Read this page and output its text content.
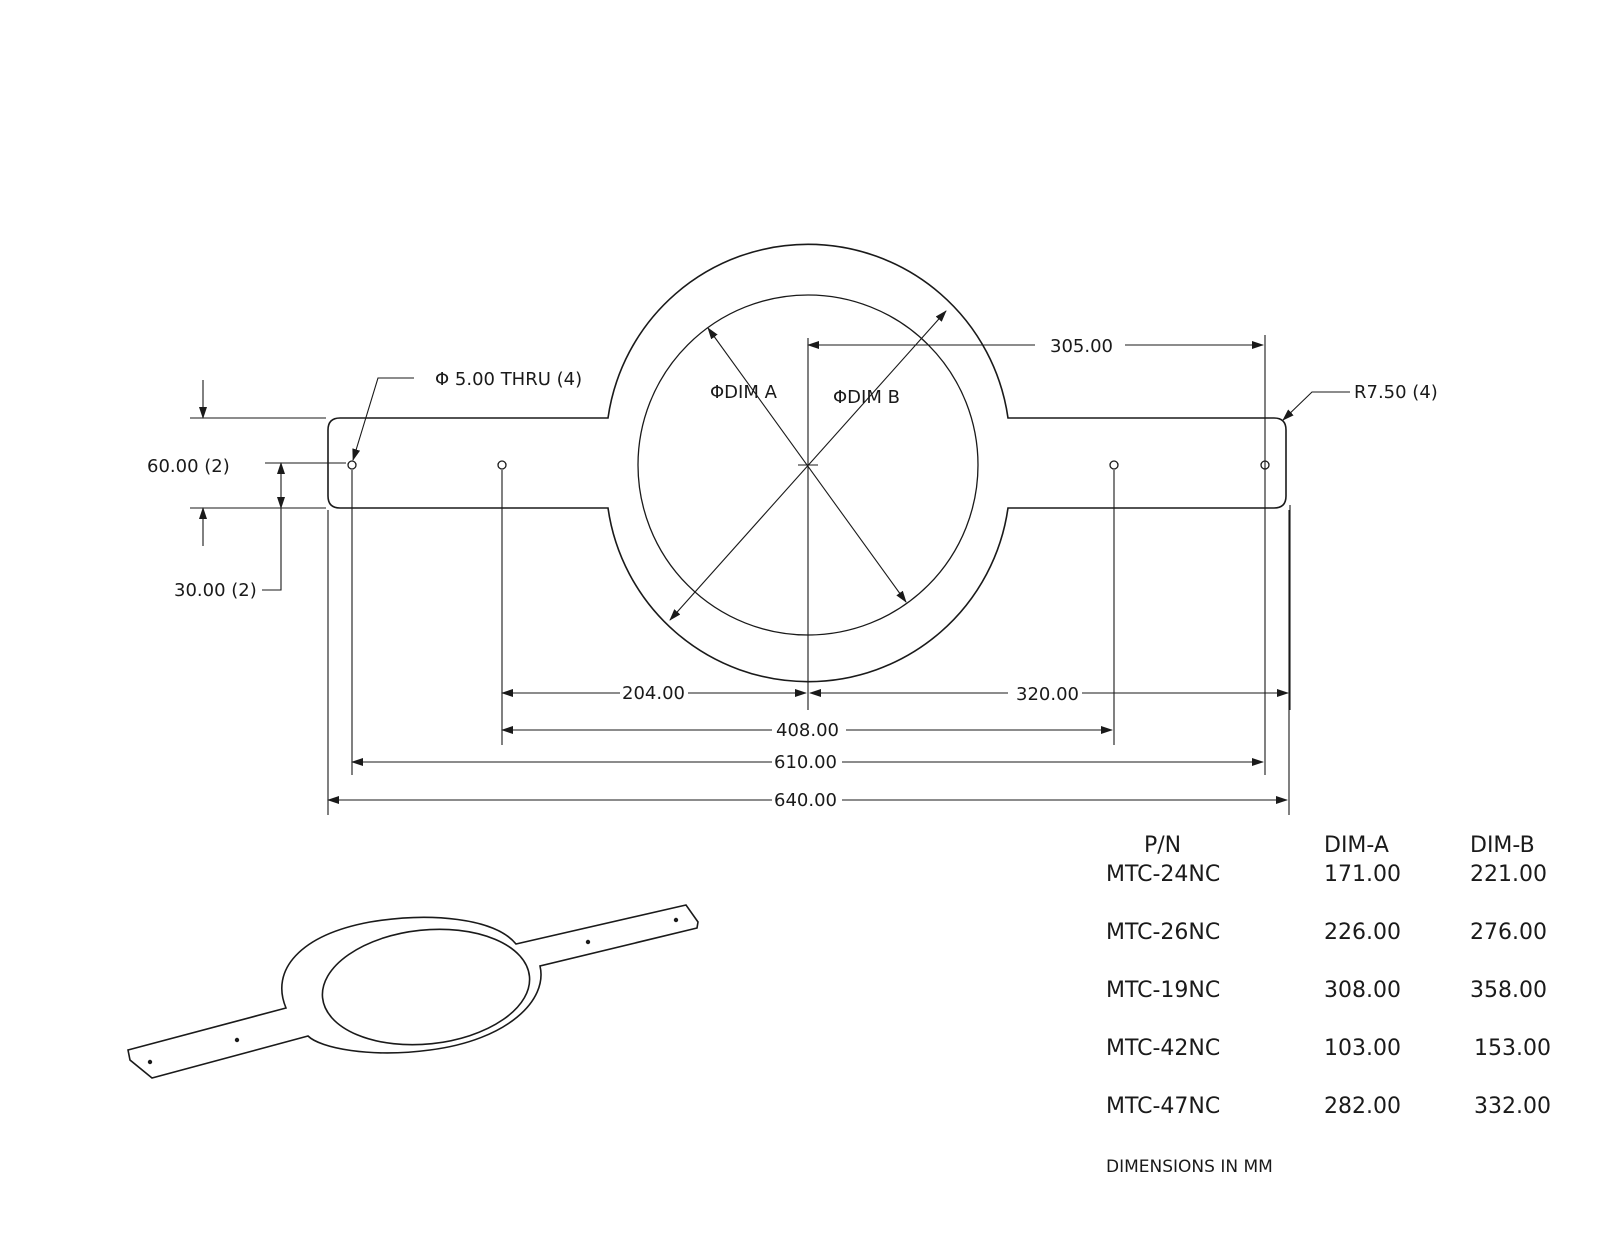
Φ 5.00 THRU (4)
ΦDIM A	ΦDIM B
305.00
R7.50 (4)
60.00 (2)
30.00 (2)
204.00	320.00
408.00
610.00
640.00
P/N	DIM-A	DIM-B
MTC-24NC	171.00	221.00
MTC-26NC	226.00	276.00
MTC-19NC	308.00	358.00
MTC-42NC	103.00	153.00
MTC-47NC	282.00	332.00
DIMENSIONS IN MM
